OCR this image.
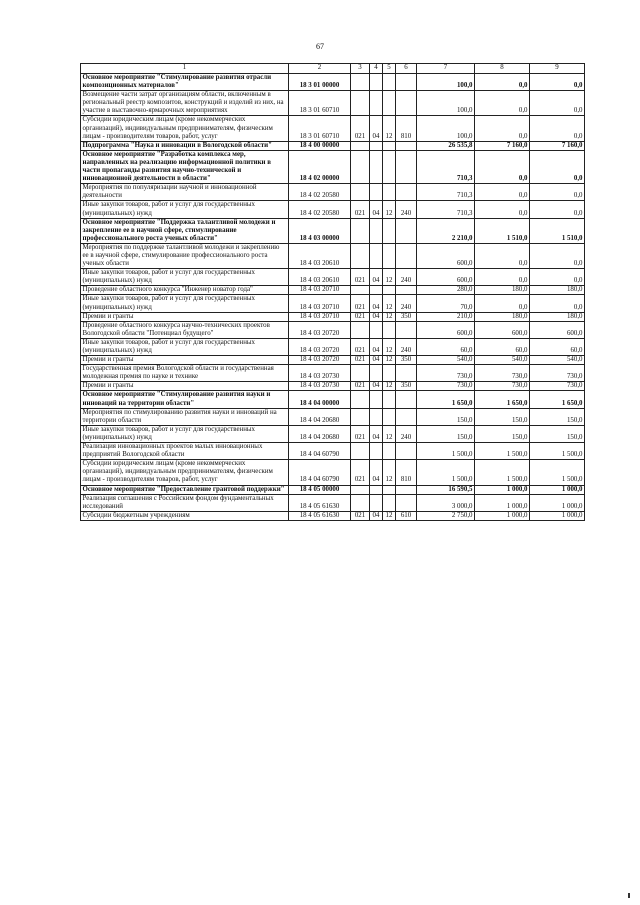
67
1	2	3	4	5	6	7	8	9
Основное мероприятие "Стимулирование развития отрасли композиционных материалов"	18 3 01 00000					100,0	0,0	0,0
Возмещение части затрат организациям области, включенным в региональный реестр композитов, конструкций и изделий из них, на участие в выставочно-ярмарочных мероприятиях	18 3 01 60710					100,0	0,0	0,0
Субсидии юридическим лицам (кроме некоммерческих организаций), индивидуальным предпринимателям, физическим лицам - производителям товаров, работ, услуг	18 3 01 60710	021	04	12	810	100,0	0,0	0,0
Подпрограмма "Наука и инновации в Вологодской области"	18 4 00 00000					26 535,8	7 160,0	7 160,0
Основное мероприятие "Разработка комплекса мер, направленных на реализацию информационной политики в части пропаганды развития научно-технической и инновационной деятельности в области"	18 4 02 00000					710,3	0,0	0,0
Мероприятия по популяризации научной и инновационной деятельности	18 4 02 20580					710,3	0,0	0,0
Иные закупки товаров, работ и услуг для государственных (муниципальных) нужд	18 4 02 20580	021	04	12	240	710,3	0,0	0,0
Основное мероприятие "Поддержка талантливой молодежи и закрепление ее в научной сфере, стимулирование профессионального роста ученых области"	18 4 03 00000					2 210,0	1 510,0	1 510,0
Мероприятия по поддержке талантливой молодежи и закреплению ее в научной сфере, стимулирование профессионального роста ученых области	18 4 03 20610					600,0	0,0	0,0
Иные закупки товаров, работ и услуг для государственных (муниципальных) нужд	18 4 03 20610	021	04	12	240	600,0	0,0	0,0
Проведение областного конкурса "Инженер новатор года"	18 4 03 20710					280,0	180,0	180,0
Иные закупки товаров, работ и услуг для государственных (муниципальных) нужд	18 4 03 20710	021	04	12	240	70,0	0,0	0,0
Премии и гранты	18 4 03 20710	021	04	12	350	210,0	180,0	180,0
Проведение областного конкурса научно-технических проектов Вологодской области "Потенциал будущего"	18 4 03 20720					600,0	600,0	600,0
Иные закупки товаров, работ и услуг для государственных (муниципальных) нужд	18 4 03 20720	021	04	12	240	60,0	60,0	60,0
Премии и гранты	18 4 03 20720	021	04	12	350	540,0	540,0	540,0
Государственная премия Вологодской области и государственная молодежная премия по науке и технике	18 4 03 20730					730,0	730,0	730,0
Премии и гранты	18 4 03 20730	021	04	12	350	730,0	730,0	730,0
Основное мероприятие "Стимулирование развития науки и инноваций на территории области"	18 4 04 00000					1 650,0	1 650,0	1 650,0
Мероприятия по стимулированию развития науки и инноваций на территории области	18 4 04 20680					150,0	150,0	150,0
Иные закупки товаров, работ и услуг для государственных (муниципальных) нужд	18 4 04 20680	021	04	12	240	150,0	150,0	150,0
Реализация инновационных проектов малых инновационных предприятий Вологодской области	18 4 04 60790					1 500,0	1 500,0	1 500,0
Субсидии юридическим лицам (кроме некоммерческих организаций), индивидуальным предпринимателям, физическим лицам - производителям товаров, работ, услуг	18 4 04 60790	021	04	12	810	1 500,0	1 500,0	1 500,0
Основное мероприятие "Предоставление грантовой поддержки"	18 4 05 00000					16 590,5	1 000,0	1 000,0
Реализация соглашения с Российским фондом фундаментальных исследований	18 4 05 61630					3 000,0	1 000,0	1 000,0
Субсидии бюджетным учреждениям	18 4 05 61630	021	04	12	610	2 750,0	1 000,0	1 000,0
